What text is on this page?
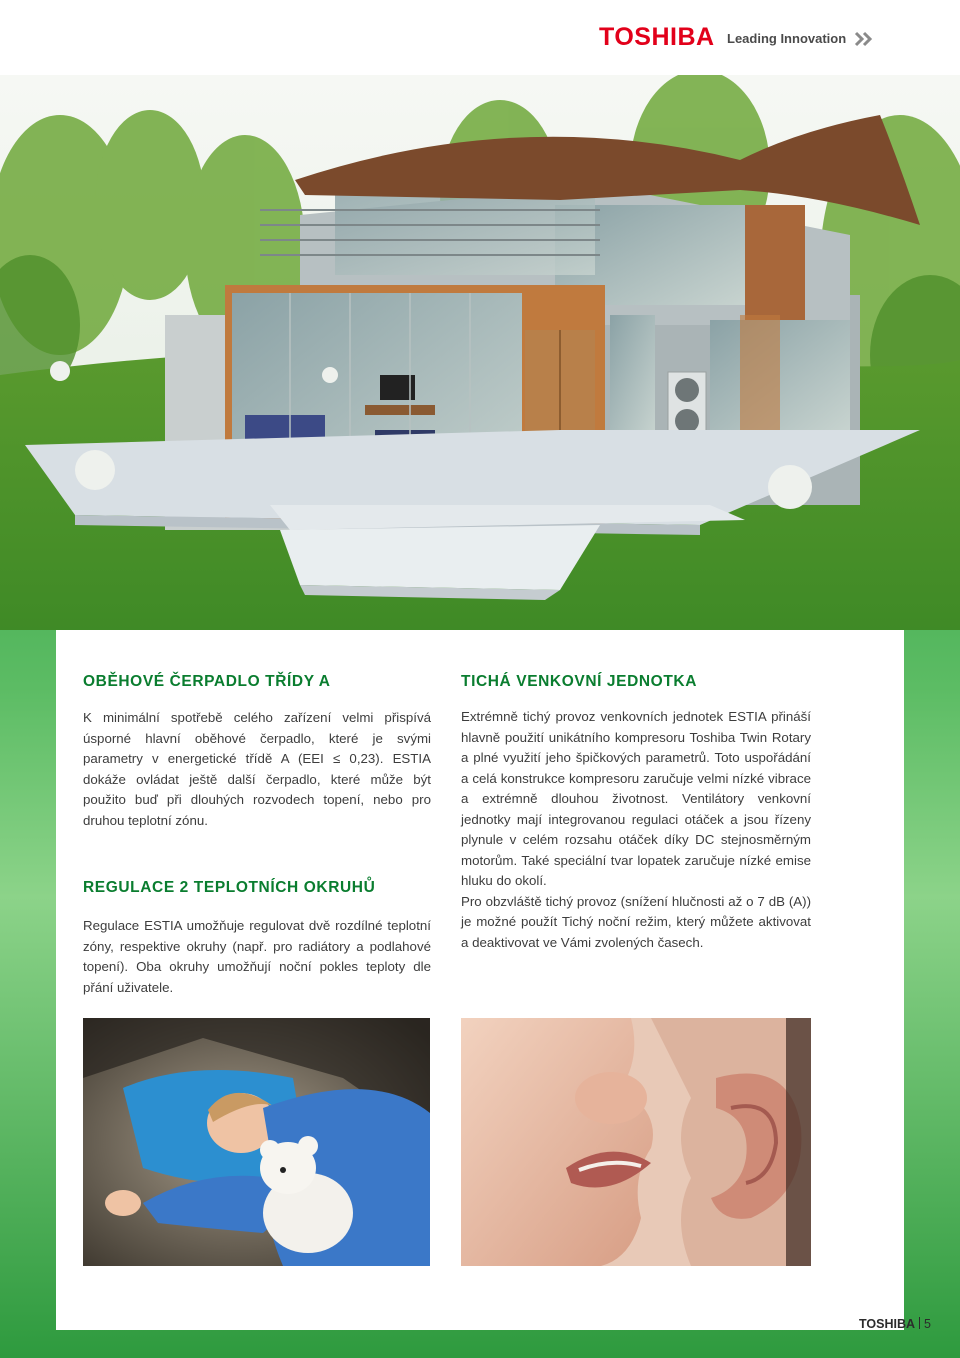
TOSHIBA Leading Innovation
OBĚHOVÉ ČERPADLO TŘÍDY A

K minimální spotřebě celého zařízení velmi přispívá úsporné hlavní oběhové čerpadlo, které je svými parametry v energetické třídě A (EEI ≤ 0,23). ESTIA dokáže ovládat ještě další čerpadlo, které může být použito buď při dlouhých rozvodech topení, nebo pro druhou teplotní zónu.

REGULACE 2 TEPLOTNÍCH OKRUHŮ

Regulace ESTIA umožňuje regulovat dvě rozdílné teplotní zóny, respektive okruhy (např. pro radiátory a podlahové topení). Oba okruhy umožňují noční pokles teploty dle přání uživatele.

TICHÁ VENKOVNÍ JEDNOTKA

Extrémně tichý provoz venkovních jednotek ESTIA přináší hlavně použití unikátního kompresoru Toshiba Twin Rotary a plné využití jeho špičkových parametrů. Toto uspořádání a celá konstrukce kompresoru zaručuje velmi nízké vibrace a extrémně dlouhou životnost. Ventilátory venkovní jednotky mají integrovanou regulaci otáček a jsou řízeny plynule v celém rozsahu otáček díky DC stejnosměrným motorům. Také speciální tvar lopatek zaručuje nízké emise hluku do okolí.

Pro obzvláště tichý provoz (snížení hlučnosti až o 7 dB (A)) je možné použít Tichý noční režim, který můžete aktivovat a deaktivovat ve Vámi zvolených časech.

TOSHIBA 5
